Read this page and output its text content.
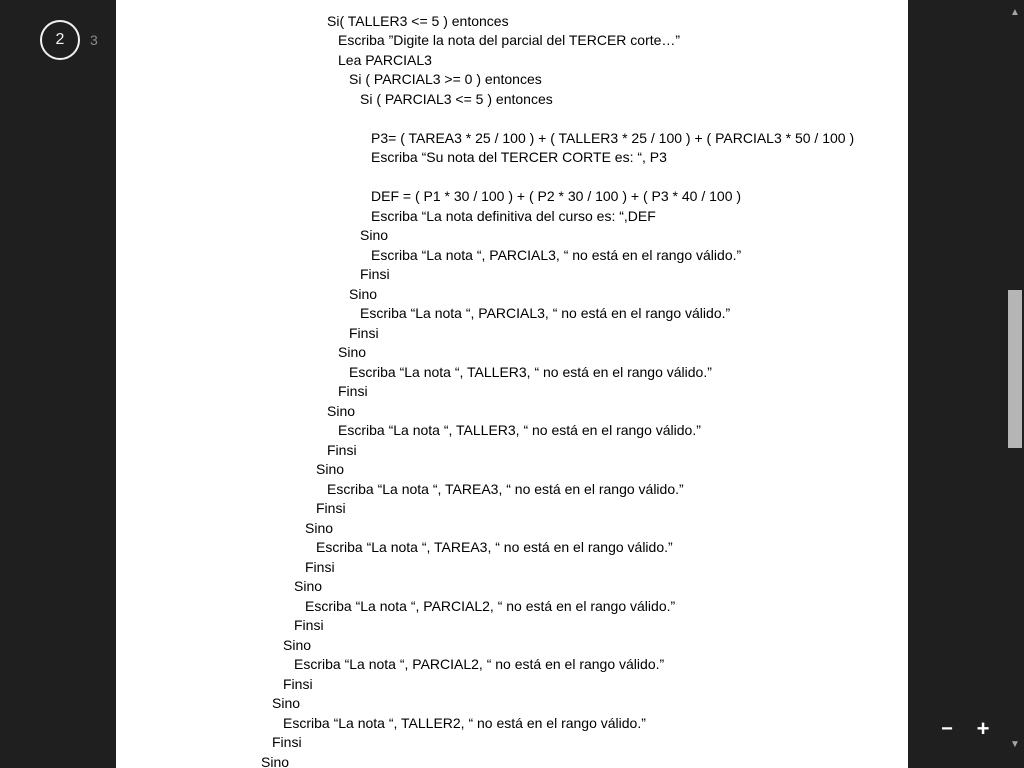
2	3
Si( TALLER3 <= 5 ) entonces
Escriba ”Digite la nota del parcial del TERCER corte…”
Lea PARCIAL3
Si ( PARCIAL3 >= 0 ) entonces
Si ( PARCIAL3 <= 5 ) entonces
P3= ( TAREA3 * 25 / 100 ) + ( TALLER3 * 25 / 100 ) + ( PARCIAL3 * 50 / 100 )
Escriba “Su nota del TERCER CORTE es: “, P3
DEF = ( P1 * 30 / 100 ) + ( P2 * 30 / 100 ) + ( P3 * 40 / 100 )
Escriba “La nota definitiva del curso es: “,DEF
Sino
Escriba “La nota “, PARCIAL3, “ no está en el rango válido.”
Finsi
Sino
Escriba “La nota “, PARCIAL3, “ no está en el rango válido.”
Finsi
Sino
Escriba “La nota “, TALLER3, “ no está en el rango válido.”
Finsi
Sino
Escriba “La nota “, TALLER3, “ no está en el rango válido.”
Finsi
Sino
Escriba “La nota “, TAREA3, “ no está en el rango válido.”
Finsi
Sino
Escriba “La nota “, TAREA3, “ no está en el rango válido.”
Finsi
Sino
Escriba “La nota “, PARCIAL2, “ no está en el rango válido.”
Finsi
Sino
Escriba “La nota “, PARCIAL2, “ no está en el rango válido.”
Finsi
Sino
Escriba “La nota “, TALLER2, “ no está en el rango válido.”
Finsi
Sino
− +
▲
▼
